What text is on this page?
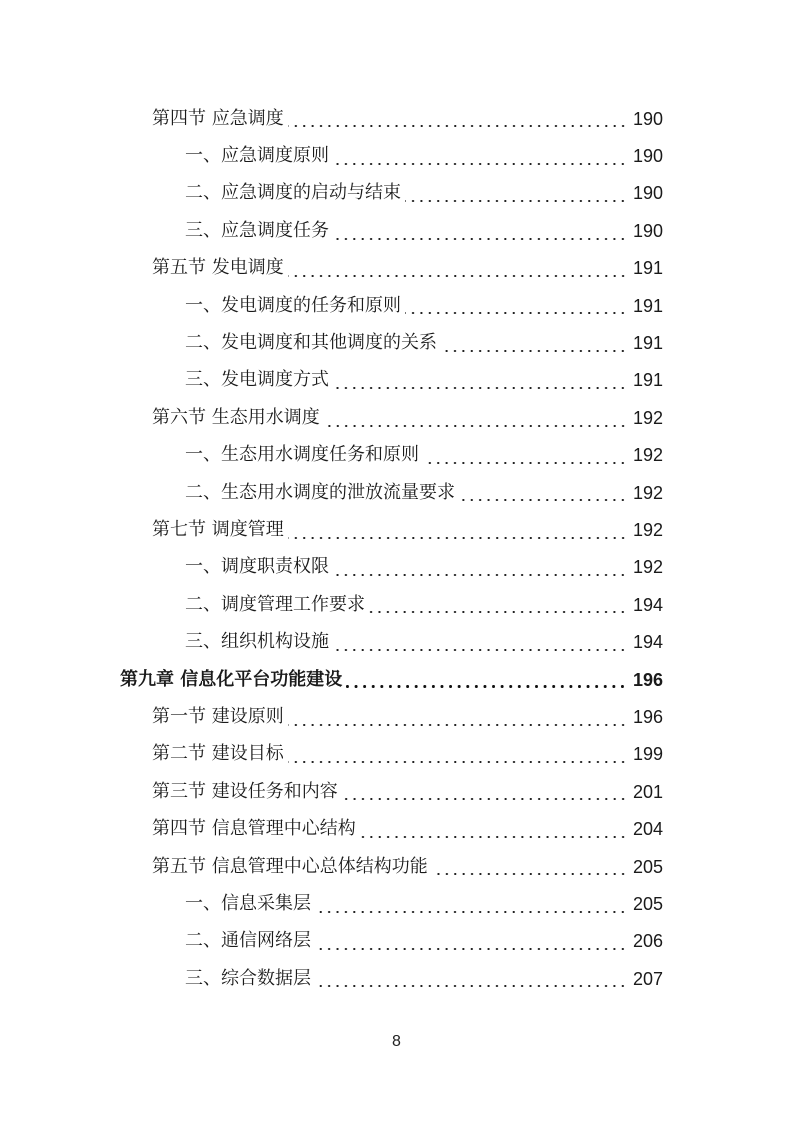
第四节 应急调度	190
一、应急调度原则	190
二、应急调度的启动与结束	190
三、应急调度任务	190
第五节 发电调度	191
一、发电调度的任务和原则	191
二、发电调度和其他调度的关系	191
三、发电调度方式	191
第六节 生态用水调度	192
一、生态用水调度任务和原则	192
二、生态用水调度的泄放流量要求	192
第七节 调度管理	192
一、调度职责权限	192
二、调度管理工作要求	194
三、组织机构设施	194
第九章 信息化平台功能建设	196
第一节 建设原则	196
第二节 建设目标	199
第三节 建设任务和内容	201
第四节 信息管理中心结构	204
第五节 信息管理中心总体结构功能	205
一、信息采集层	205
二、通信网络层	206
三、综合数据层	207
8
